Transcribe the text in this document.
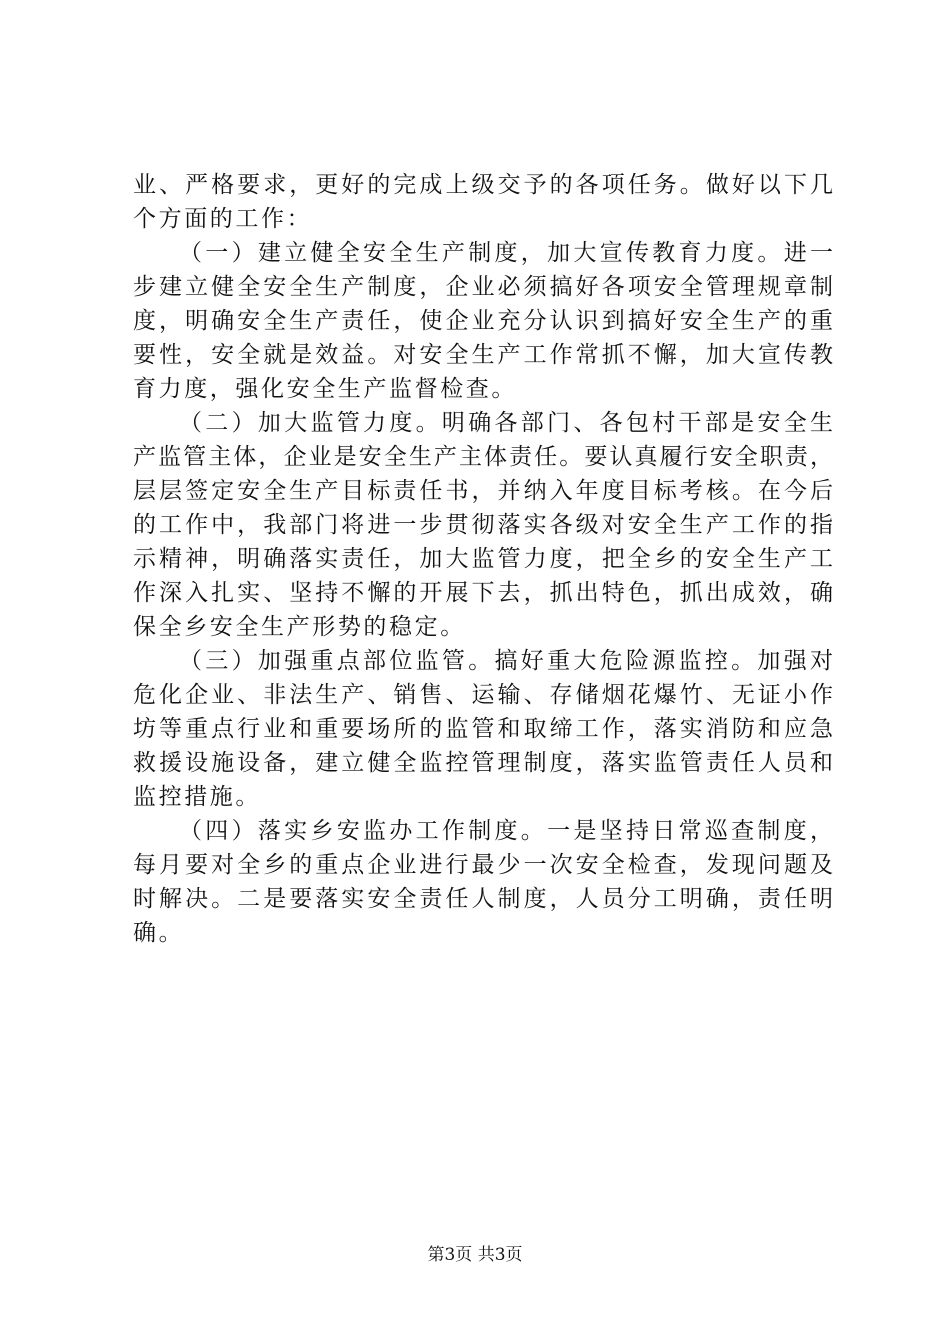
业、严格要求，更好的完成上级交予的各项任务。做好以下几
个方面的工作：
（一）建立健全安全生产制度，加大宣传教育力度。进一
步建立健全安全生产制度，企业必须搞好各项安全管理规章制
度，明确安全生产责任，使企业充分认识到搞好安全生产的重
要性，安全就是效益。对安全生产工作常抓不懈，加大宣传教
育力度，强化安全生产监督检查。
（二）加大监管力度。明确各部门、各包村干部是安全生
产监管主体，企业是安全生产主体责任。要认真履行安全职责，
层层签定安全生产目标责任书，并纳入年度目标考核。在今后
的工作中，我部门将进一步贯彻落实各级对安全生产工作的指
示精神，明确落实责任，加大监管力度，把全乡的安全生产工
作深入扎实、坚持不懈的开展下去，抓出特色，抓出成效，确
保全乡安全生产形势的稳定。
（三）加强重点部位监管。搞好重大危险源监控。加强对
危化企业、非法生产、销售、运输、存储烟花爆竹、无证小作
坊等重点行业和重要场所的监管和取缔工作，落实消防和应急
救援设施设备，建立健全监控管理制度，落实监管责任人员和
监控措施。
（四）落实乡安监办工作制度。一是坚持日常巡查制度，
每月要对全乡的重点企业进行最少一次安全检查，发现问题及
时解决。二是要落实安全责任人制度，人员分工明确，责任明
确。
第3页 共3页
